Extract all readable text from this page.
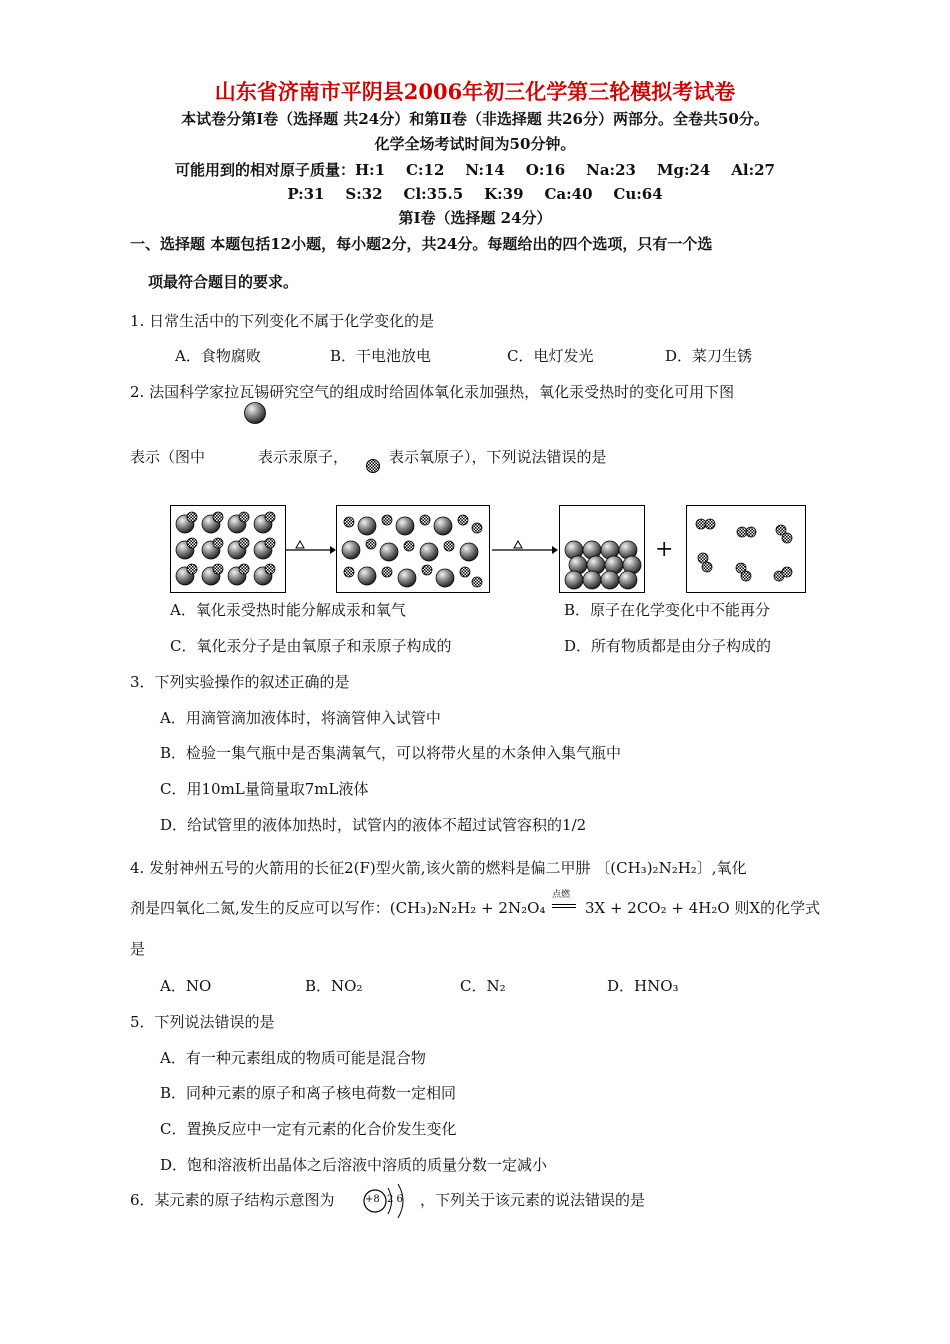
山东省济南市平阴县2006年初三化学第三轮模拟考试卷
本试卷分第Ⅰ卷（选择题 共24分）和第Ⅱ卷（非选择题 共26分）两部分。全卷共50分。
化学全场考试时间为50分钟。
可能用到的相对原子质量：H:1    C:12    N:14    O:16    Na:23    Mg:24    Al:27
P:31    S:32    Cl:35.5    K:39    Ca:40    Cu:64
第Ⅰ卷（选择题 24分）
一、选择题 本题包括12小题，每小题2分，共24分。每题给出的四个选项，只有一个选
项最符合题目的要求。
1. 日常生活中的下列变化不属于化学变化的是
A．食物腐败	B．干电池放电	C．电灯发光	D．菜刀生锈
2. 法国科学家拉瓦锡研究空气的组成时给固体氧化汞加强热，氧化汞受热时的变化可用下图
表示（图中	表示汞原子，	表示氧原子），下列说法错误的是
+
A．氧化汞受热时能分解成汞和氧气	B．原子在化学变化中不能再分
C．氧化汞分子是由氧原子和汞原子构成的	D．所有物质都是由分子构成的
3．下列实验操作的叙述正确的是
A．用滴管滴加液体时，将滴管伸入试管中
B．检验一集气瓶中是否集满氧气，可以将带火星的木条伸入集气瓶中
C．用10mL量筒量取7mL液体
D．给试管里的液体加热时，试管内的液体不超过试管容积的1/2
4. 发射神州五号的火箭用的长征2(F)型火箭,该火箭的燃料是偏二甲肼 〔(CH₃)₂N₂H₂〕,氧化
剂是四氧化二氮,发生的反应可以写作：(CH₃)₂N₂H₂ + 2N₂O₄
点燃
3X + 2CO₂ + 4H₂O 则X的化学式
是
A．NO	B．NO₂	C．N₂	D．HNO₃
5．下列说法错误的是
A．有一种元素组成的物质可能是混合物
B．同种元素的原子和离子核电荷数一定相同
C．置换反应中一定有元素的化合价发生变化
D．饱和溶液析出晶体之后溶液中溶质的质量分数一定减小
6．某元素的原子结构示意图为	+8 2 6 ，下列关于该元素的说法错误的是
